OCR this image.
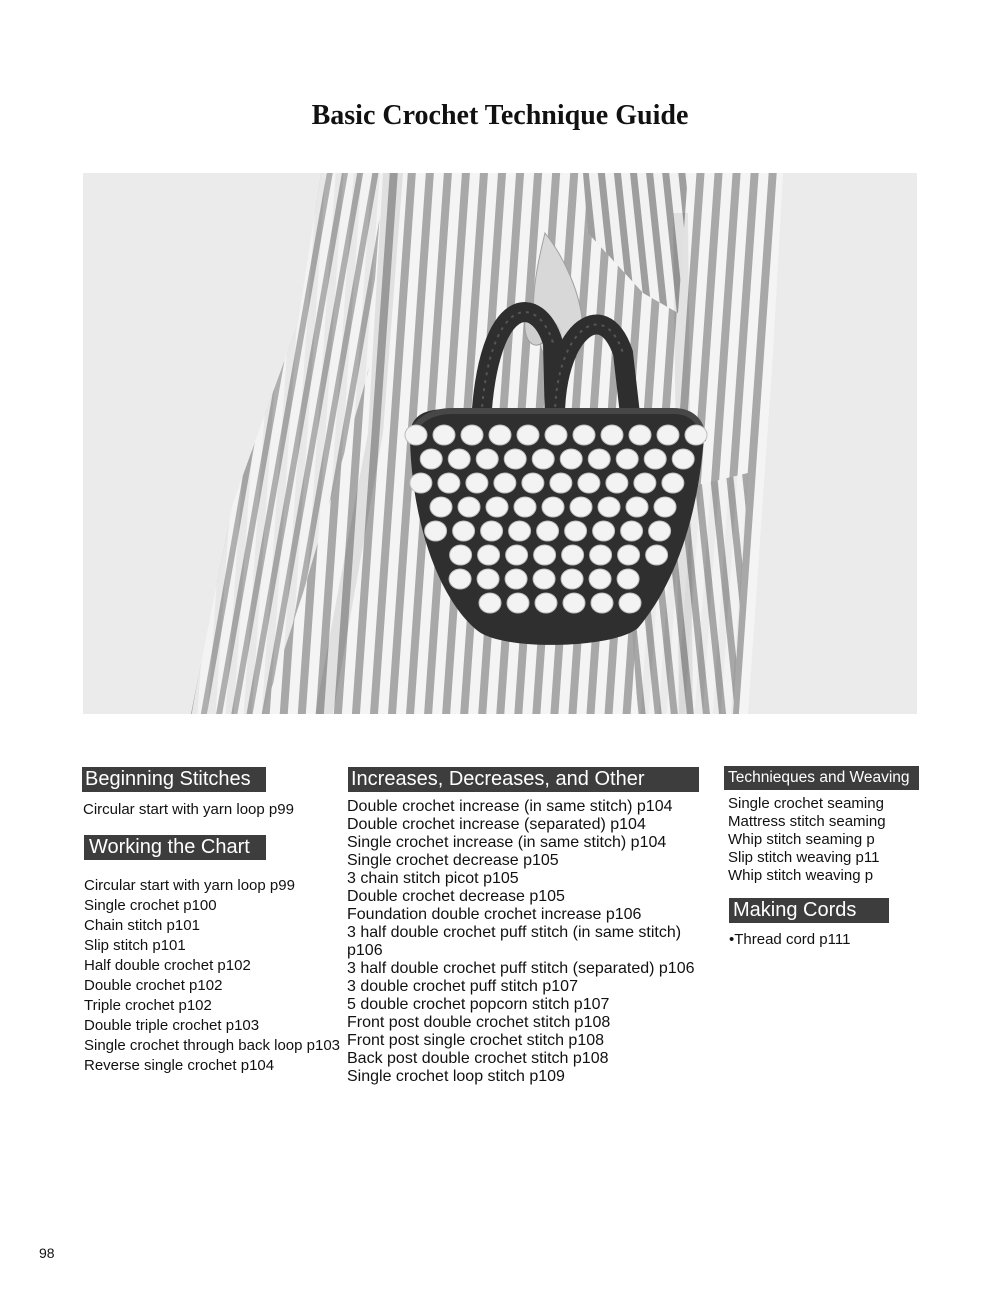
Basic Crochet Technique Guide
Beginning Stitches
Circular start with yarn loop p99
Working the Chart
Circular start with yarn loop p99
Single crochet p100
Chain stitch p101
Slip stitch p101
Half double crochet p102
Double crochet p102
Triple crochet p102
Double triple crochet p103
Single crochet through back loop p103
Reverse single crochet p104
Increases, Decreases, and Other
Double crochet increase (in same stitch) p104
Double crochet increase (separated) p104
Single crochet increase (in same stitch) p104
Single crochet decrease p105
3 chain stitch picot p105
Double crochet decrease p105
Foundation double crochet increase p106
3 half double crochet puff stitch (in same stitch) p106
3 half double crochet puff stitch (separated) p106
3 double crochet puff stitch p107
5 double crochet popcorn stitch p107
Front post double crochet stitch p108
Front post single crochet stitch p108
Back post double crochet stitch p108
Single crochet loop stitch p109
Technieques and Weaving
Single crochet seaming
Mattress stitch seaming
Whip stitch seaming p
Slip stitch weaving p11
Whip stitch weaving p
Making Cords
•Thread cord p111
98
